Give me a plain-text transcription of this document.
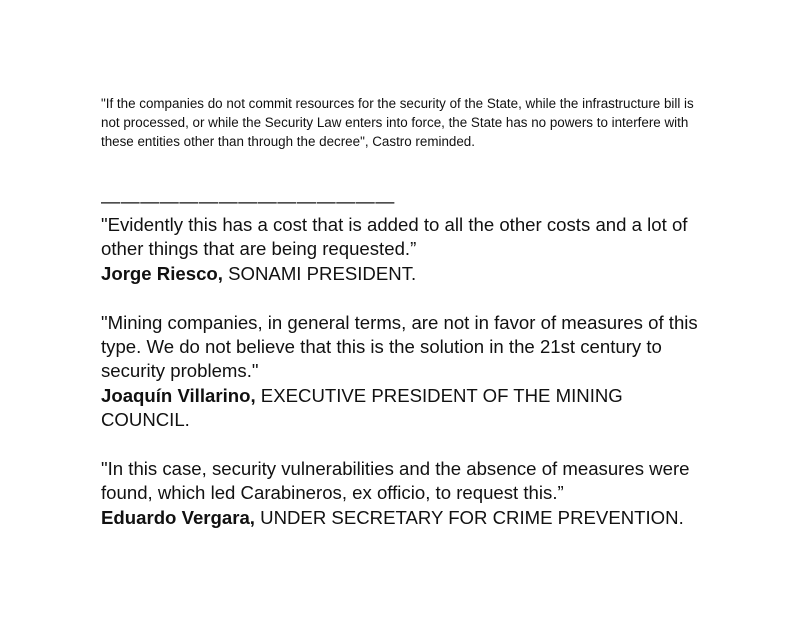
"If the companies do not commit resources for the security of the State, while the infrastructure bill is not processed, or while the Security Law enters into force, the State has no powers to interfere with these entities other than through the decree", Castro reminded.

———————————————

"Evidently this has a cost that is added to all the other costs and a lot of other things that are being requested.”

Jorge Riesco, SONAMI PRESIDENT.

"Mining companies, in general terms, are not in favor of measures of this type. We do not believe that this is the solution in the 21st century to security problems."

Joaquín Villarino, EXECUTIVE PRESIDENT OF THE MINING COUNCIL.

"In this case, security vulnerabilities and the absence of measures were found, which led Carabineros, ex officio, to request this.”

Eduardo Vergara, UNDER SECRETARY FOR CRIME PREVENTION.
